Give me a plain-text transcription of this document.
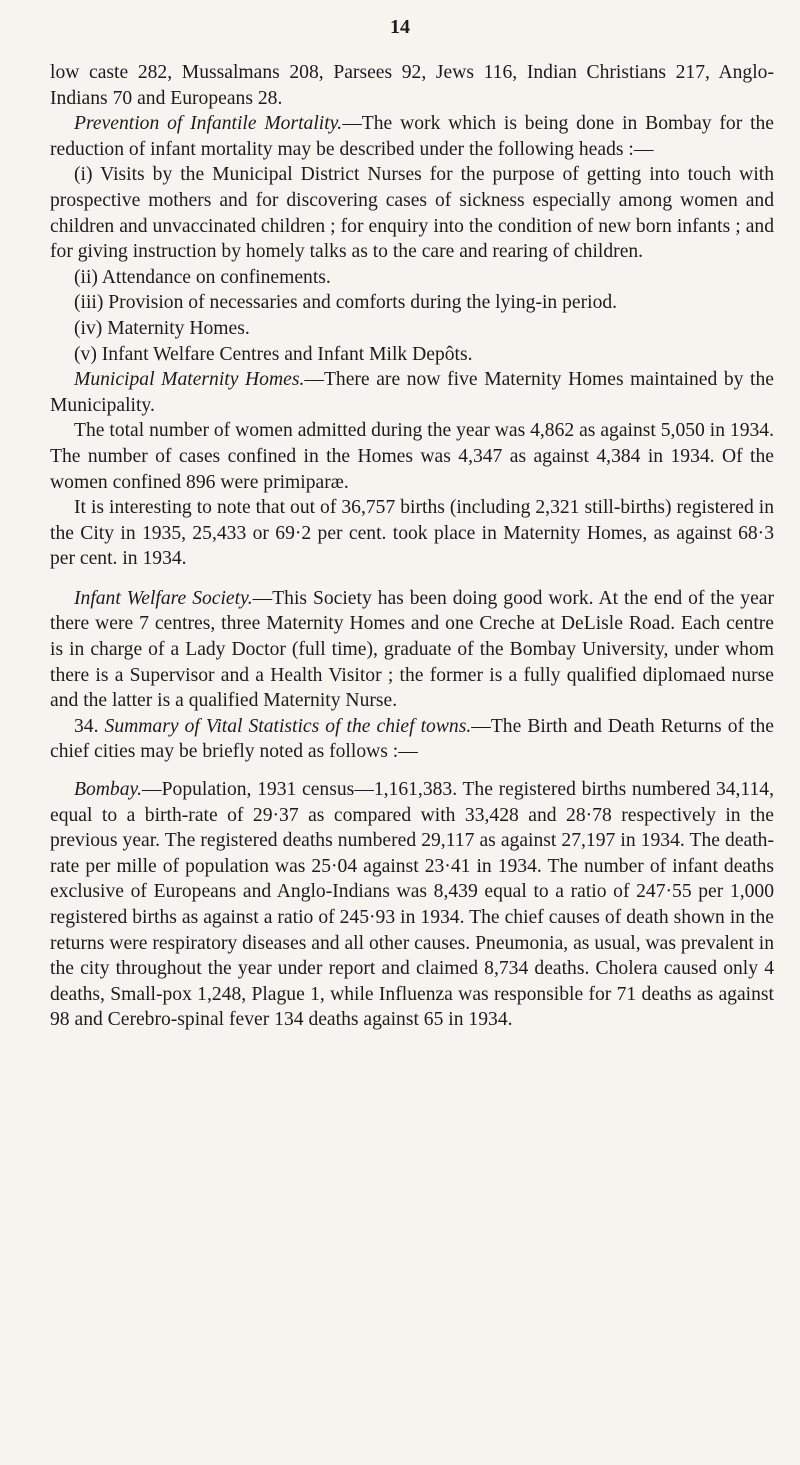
14

low caste 282, Mussalmans 208, Parsees 92, Jews 116, Indian Christians 217, Anglo-Indians 70 and Europeans 28.

Prevention of Infantile Mortality.—The work which is being done in Bombay for the reduction of infant mortality may be described under the following heads :—

(i) Visits by the Municipal District Nurses for the purpose of getting into touch with prospective mothers and for discovering cases of sickness especially among women and children and unvaccinated children ; for enquiry into the condition of new born infants ; and for giving instruction by homely talks as to the care and rearing of children.

(ii) Attendance on confinements.

(iii) Provision of necessaries and comforts during the lying-in period.

(iv) Maternity Homes.

(v) Infant Welfare Centres and Infant Milk Depôts.

Municipal Maternity Homes.—There are now five Maternity Homes maintained by the Municipality.

The total number of women admitted during the year was 4,862 as against 5,050 in 1934. The number of cases confined in the Homes was 4,347 as against 4,384 in 1934. Of the women confined 896 were primiparæ.

It is interesting to note that out of 36,757 births (including 2,321 still-births) registered in the City in 1935, 25,433 or 69·2 per cent. took place in Maternity Homes, as against 68·3 per cent. in 1934.

Infant Welfare Society.—This Society has been doing good work. At the end of the year there were 7 centres, three Maternity Homes and one Creche at DeLisle Road. Each centre is in charge of a Lady Doctor (full time), graduate of the Bombay University, under whom there is a Supervisor and a Health Visitor ; the former is a fully qualified diplomaed nurse and the latter is a qualified Maternity Nurse.

34. Summary of Vital Statistics of the chief towns.—The Birth and Death Returns of the chief cities may be briefly noted as follows :—

Bombay.—Population, 1931 census—1,161,383. The registered births numbered 34,114, equal to a birth-rate of 29·37 as compared with 33,428 and 28·78 respectively in the previous year. The registered deaths numbered 29,117 as against 27,197 in 1934. The death-rate per mille of population was 25·04 against 23·41 in 1934. The number of infant deaths exclusive of Europeans and Anglo-Indians was 8,439 equal to a ratio of 247·55 per 1,000 registered births as against a ratio of 245·93 in 1934. The chief causes of death shown in the returns were respiratory diseases and all other causes. Pneumonia, as usual, was prevalent in the city throughout the year under report and claimed 8,734 deaths. Cholera caused only 4 deaths, Small-pox 1,248, Plague 1, while Influenza was responsible for 71 deaths as against 98 and Cerebro-spinal fever 134 deaths against 65 in 1934.
